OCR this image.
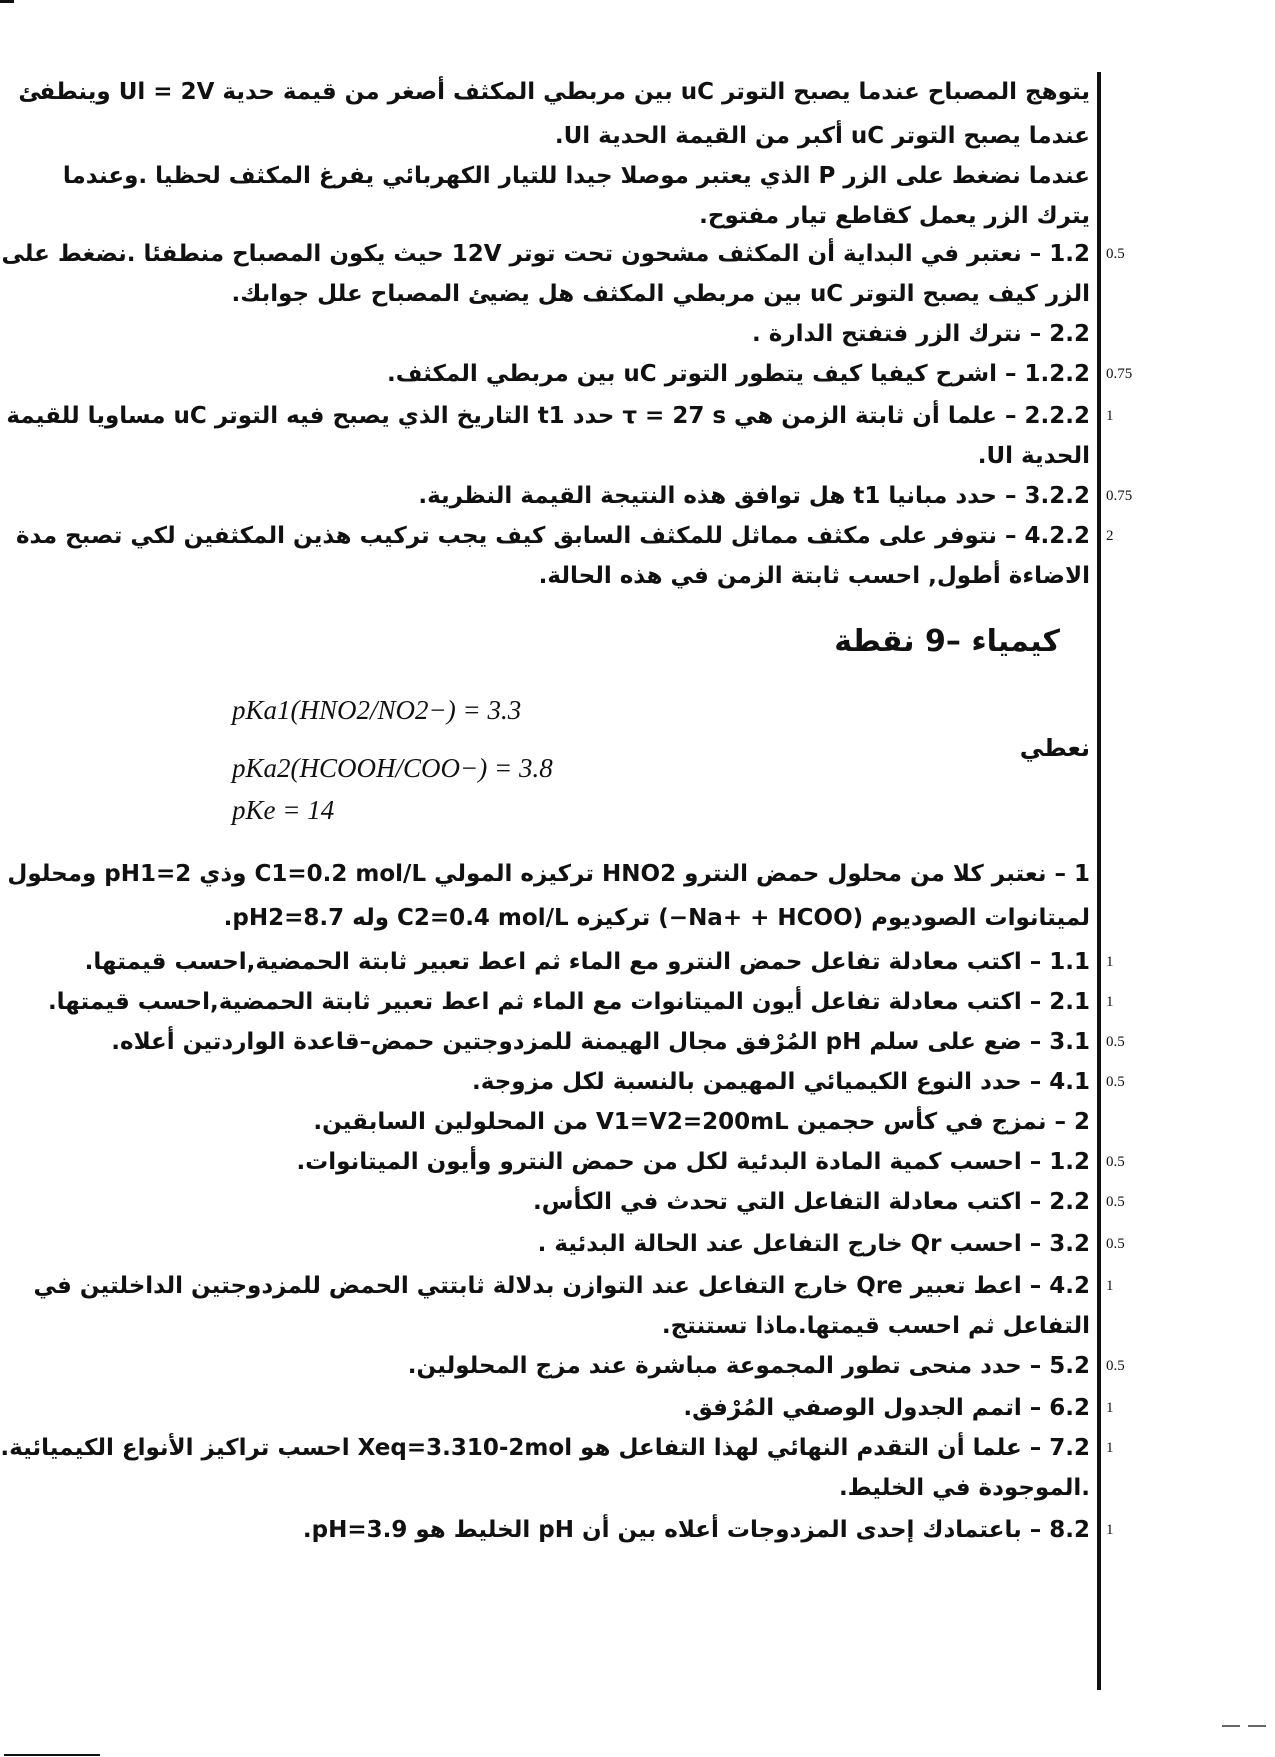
يتوهج المصباح عندما يصبح التوتر uC بين مربطي المكثف أصغر من قيمة حدية Ul = 2V وينطفئ
عندما يصبح التوتر uC أكبر من القيمة الحدية Ul.
عندما نضغط على الزر P الذي يعتبر موصلا جيدا للتيار الكهربائي يفرغ المكثف لحظيا .وعندما
يترك الزر يعمل كقاطع تيار مفتوح.
1.2 – نعتبر في البداية أن المكثف مشحون تحت توتر 12V حيث يكون المصباح منطفئا .نضغط على 0.5
الزر كيف يصبح التوتر uC بين مربطي المكثف هل يضيئ المصباح علل جوابك.
2.2 – نترك الزر فتفتح الدارة .
1.2.2 – اشرح كيفيا كيف يتطور التوتر uC بين مربطي المكثف. 0.75
2.2.2 – علما أن ثابتة الزمن هي τ = 27 s حدد t1 التاريخ الذي يصبح فيه التوتر uC مساويا للقيمة 1
الحدية Ul.
3.2.2 – حدد مبانيا t1 هل توافق هذه النتيجة القيمة النظرية. 0.75
4.2.2 – نتوفر على مكثف مماثل للمكثف السابق كيف يجب تركيب هذين المكثفين لكي تصبح مدة 2
الاضاءة أطول, احسب ثابتة الزمن في هذه الحالة.
كيمياء –9 نقطة
pKa1(HNO2/NO2−) = 3.3
pKa2(HCOOH/COO−) = 3.8
pKe = 14
نعطي
1 – نعتبر كلا من محلول حمض النترو HNO2 تركيزه المولي C1=0.2 mol/L وذي pH1=2 ومحلول
لميتانوات الصوديوم (Na+ + HCOO−) تركيزه C2=0.4 mol/L وله pH2=8.7.
1.1 – اكتب معادلة تفاعل حمض النترو مع الماء ثم اعط تعبير ثابتة الحمضية,احسب قيمتها. 1
2.1 – اكتب معادلة تفاعل أيون الميتانوات مع الماء ثم اعط تعبير ثابتة الحمضية,احسب قيمتها. 1
3.1 – ضع على سلم pH المُرْفق مجال الهيمنة للمزدوجتين حمض–قاعدة الواردتين أعلاه. 0.5
4.1 – حدد النوع الكيميائي المهيمن بالنسبة لكل مزوجة. 0.5
2 – نمزج في كأس حجمين V1=V2=200mL من المحلولين السابقين.
1.2 – احسب كمية المادة البدئية لكل من حمض النترو وأيون الميتانوات. 0.5
2.2 – اكتب معادلة التفاعل التي تحدث في الكأس. 0.5
3.2 – احسب Qr خارج التفاعل عند الحالة البدئية . 0.5
4.2 – اعط تعبير Qre خارج التفاعل عند التوازن بدلالة ثابتتي الحمض للمزدوجتين الداخلتين في 1
التفاعل ثم احسب قيمتها.ماذا تستنتج.
5.2 – حدد منحى تطور المجموعة مباشرة عند مزج المحلولين. 0.5
6.2 – اتمم الجدول الوصفي المُرْفق. 1
7.2 – علما أن التقدم النهائي لهذا التفاعل هو Xeq=3.310-2mol احسب تراكيز الأنواع الكيميائية. 1
.الموجودة في الخليط.
8.2 – باعتمادك إحدى المزدوجات أعلاه بين أن pH الخليط هو pH=3.9. 1
